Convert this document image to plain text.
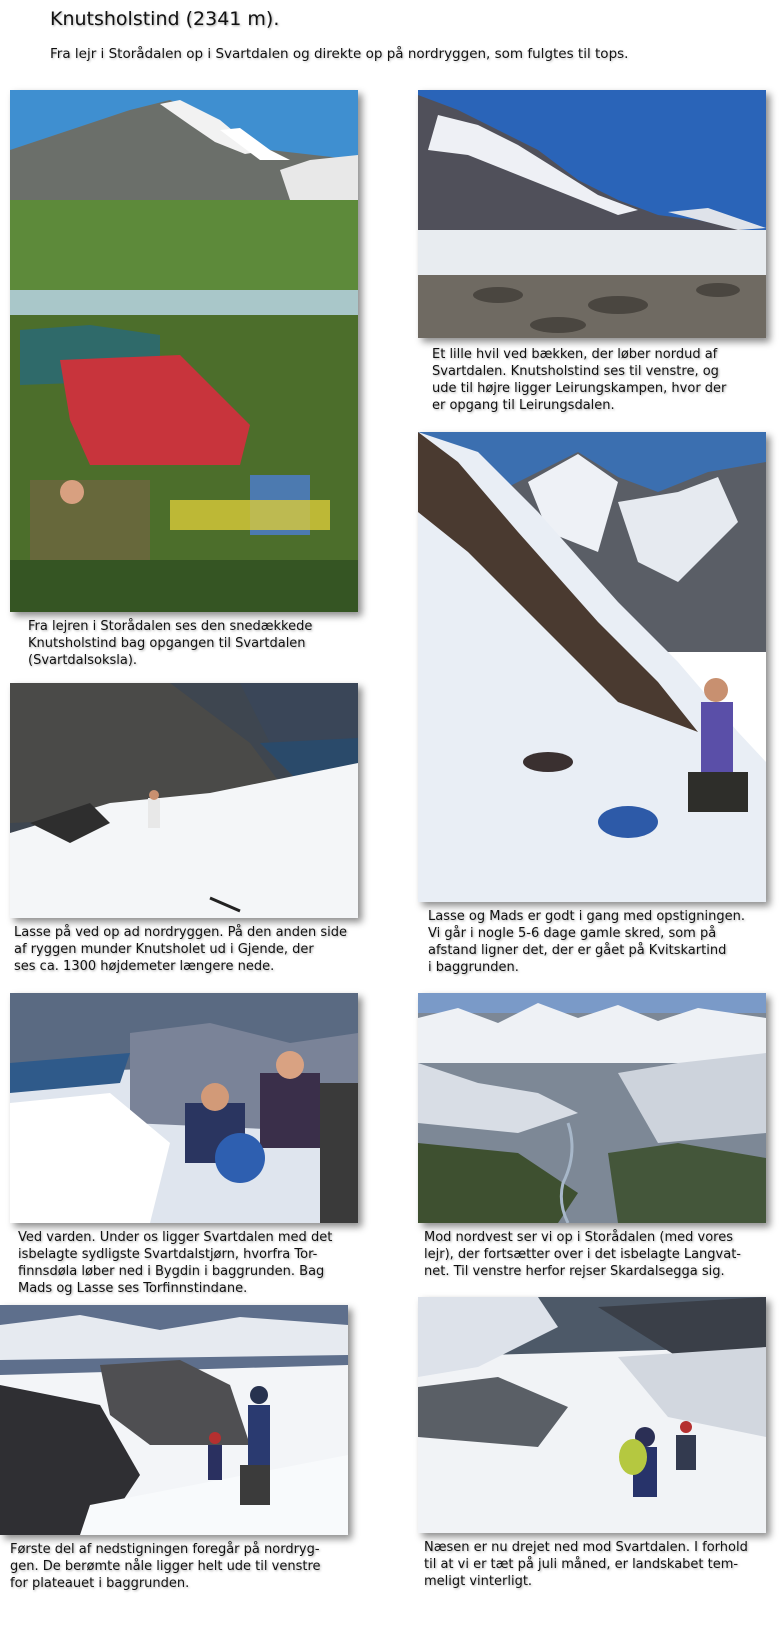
Knutsholstind (2341 m).
Fra lejr i Storådalen op i Svartdalen og direkte op på nordryggen, som fulgtes til tops.
Fra lejren i Storådalen ses den snedækkede
Knutsholstind bag opgangen til Svartdalen
(Svartdalsoksla).
Et lille hvil ved bækken, der løber nordud af
Svartdalen. Knutsholstind ses til venstre, og
ude til højre ligger Leirungskampen, hvor der
er opgang til Leirungsdalen.
Lasse på ved op ad nordryggen. På den anden side
af ryggen munder Knutsholet ud i Gjende, der
ses ca. 1300 højdemeter længere nede.
Lasse og Mads er godt i gang med opstigningen.
Vi går i nogle 5-6 dage gamle skred, som på
afstand ligner det, der er gået på Kvitskartind
i baggrunden.
Ved varden. Under os ligger Svartdalen med det
isbelagte sydligste Svartdalstjørn, hvorfra Tor-
finnsdøla løber ned i Bygdin i baggrunden. Bag
Mads og Lasse ses Torfinnstindane.
Mod nordvest ser vi op i Storådalen (med vores
lejr), der fortsætter over i det isbelagte Langvat-
net. Til venstre herfor rejser Skardalsegga sig.
Første del af nedstigningen foregår på nordryg-
gen. De berømte nåle ligger helt ude til venstre
for plateauet i baggrunden.
Næsen er nu drejet ned mod Svartdalen. I forhold
til at vi er tæt på juli måned, er landskabet tem-
meligt vinterligt.
